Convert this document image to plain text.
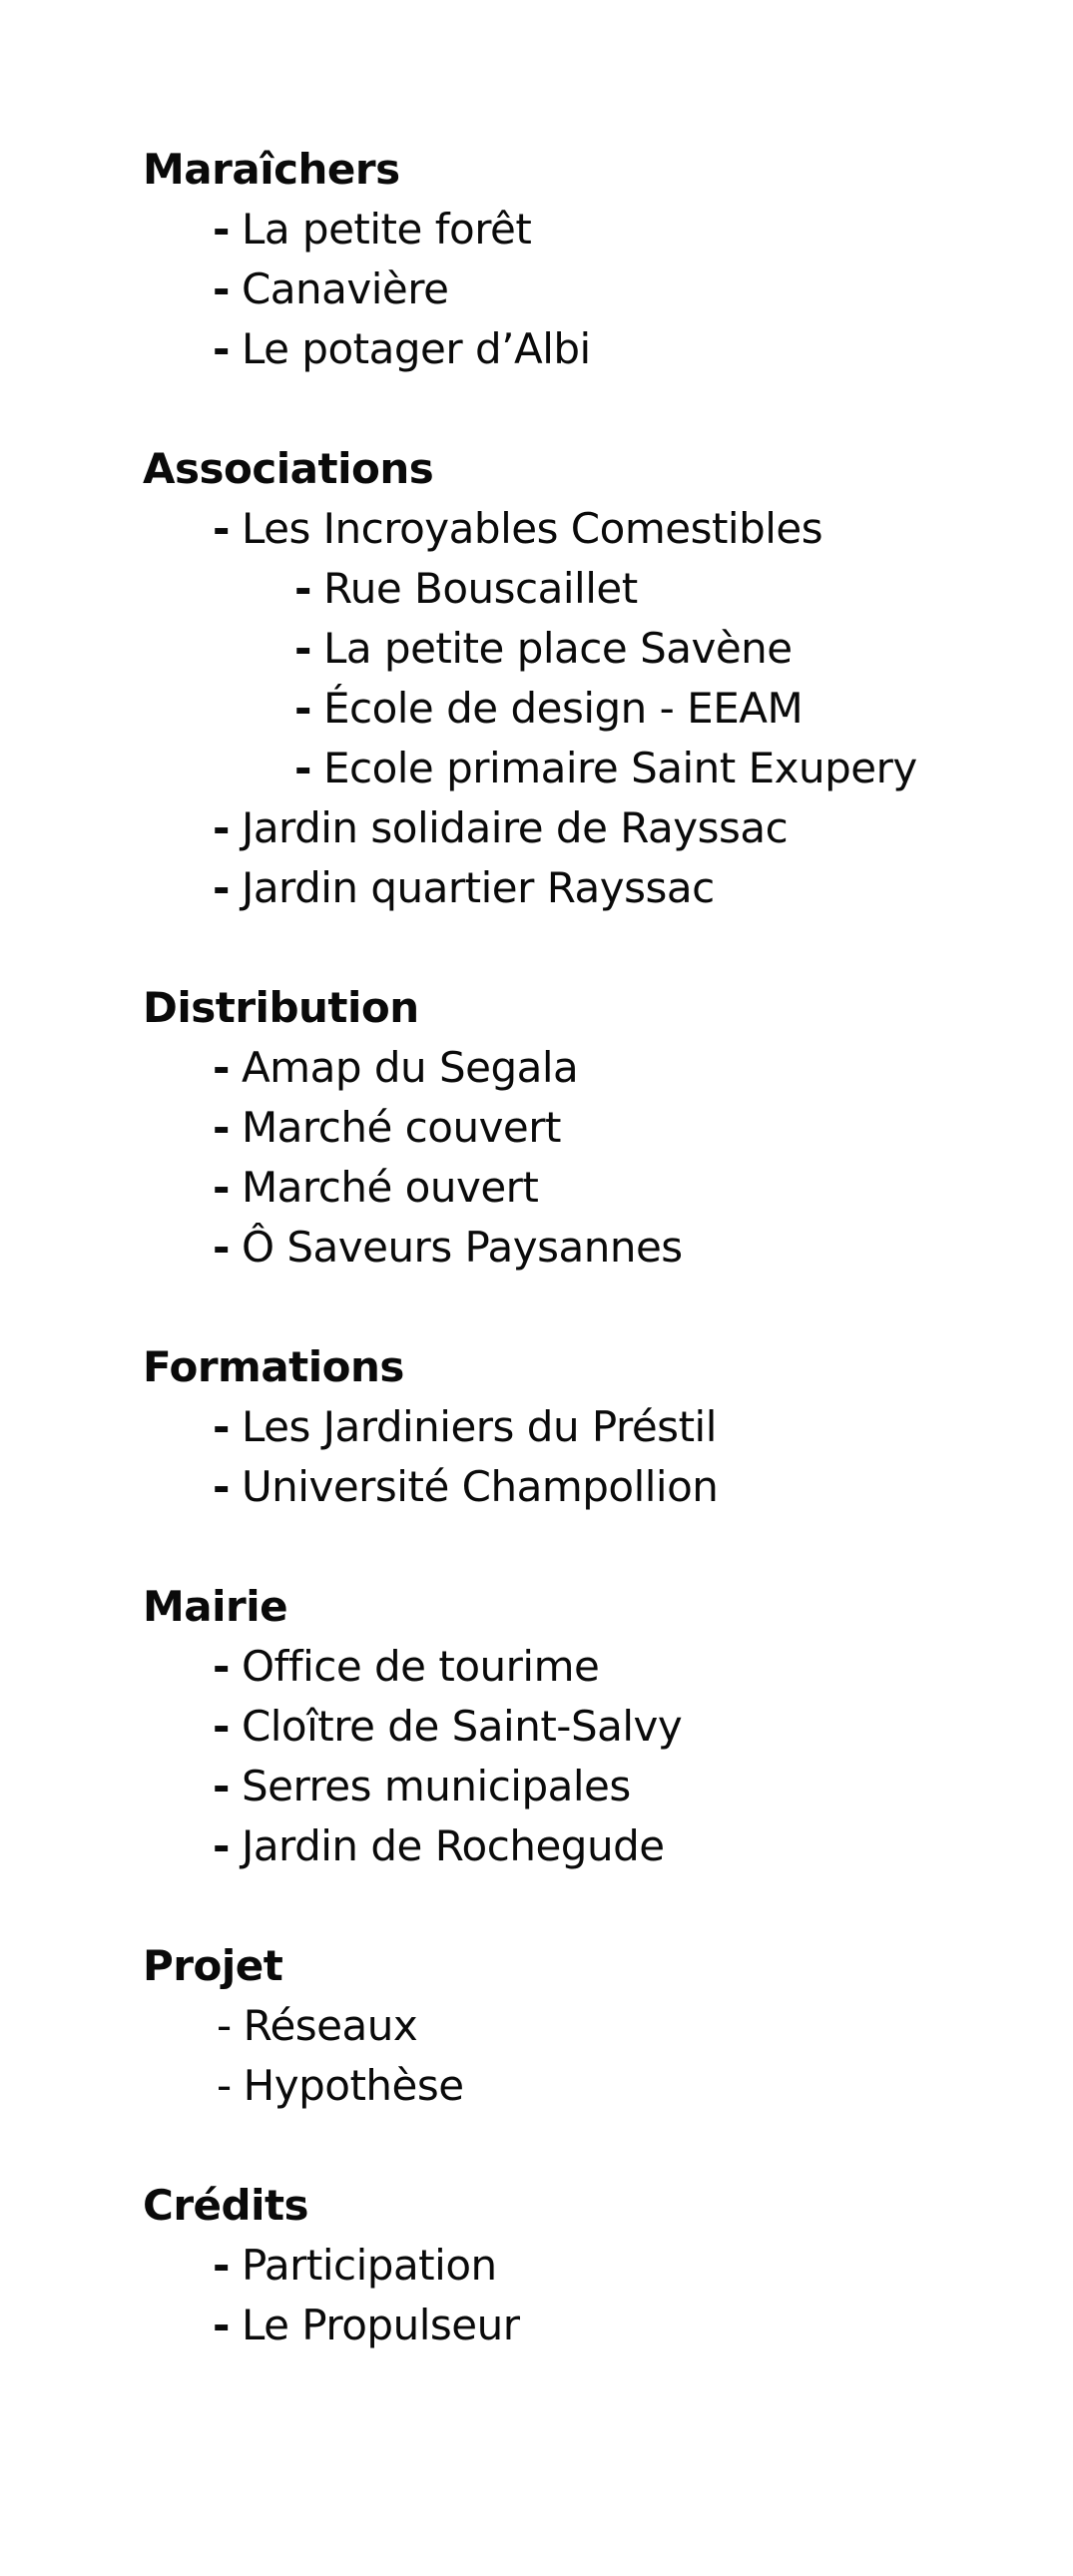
Maraîchers
- La petite forêt
- Canavière
- Le potager d’Albi
Associations
- Les Incroyables Comestibles
- Rue Bouscaillet
- La petite place Savène
- École de design - EEAM
- Ecole primaire Saint Exupery
- Jardin solidaire de Rayssac
- Jardin quartier Rayssac
Distribution
- Amap du Segala
- Marché couvert
- Marché ouvert
- Ô Saveurs Paysannes
Formations
- Les Jardiniers du Préstil
- Université Champollion
Mairie
- Office de tourime
- Cloître de Saint-Salvy
- Serres municipales
- Jardin de Rochegude
Projet
- Réseaux
- Hypothèse
Crédits
- Participation
- Le Propulseur
